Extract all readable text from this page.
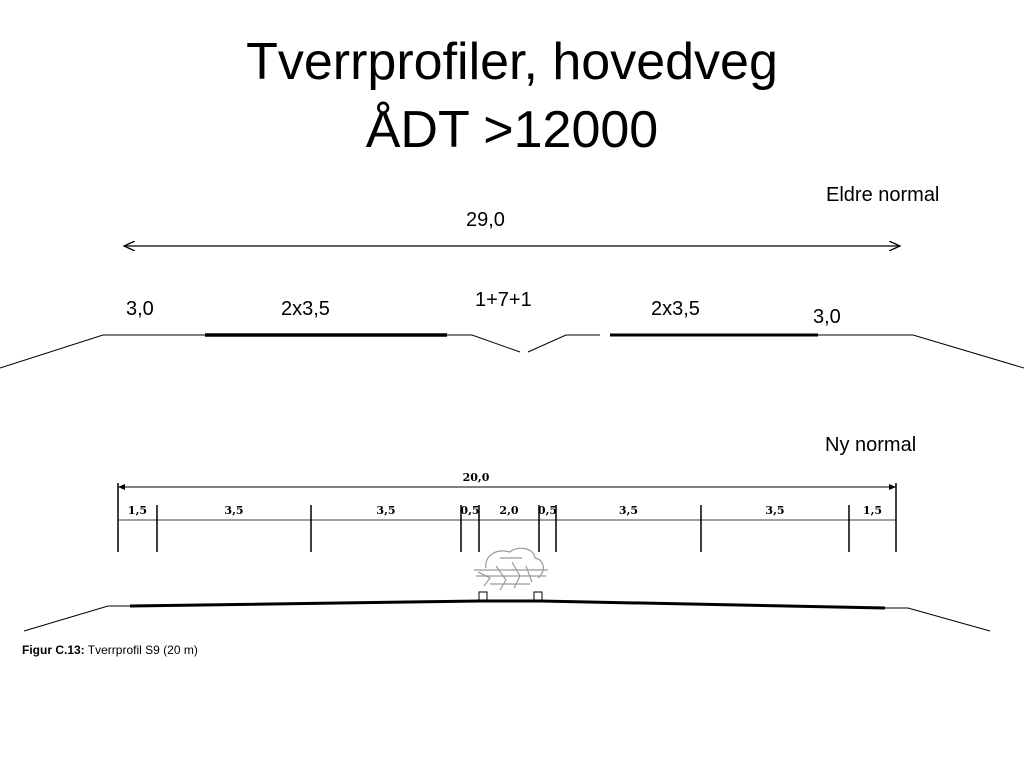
Tverrprofiler, hovedveg
ÅDT >12000
Eldre normal
29,0
3,0	2x3,5	1+7+1	2x3,5	3,0
Ny normal
20,0
1,5	3,5	3,5	0,5 2,0 0,5	3,5	3,5	1,5
Figur C.13: Tverrprofil S9 (20 m)
